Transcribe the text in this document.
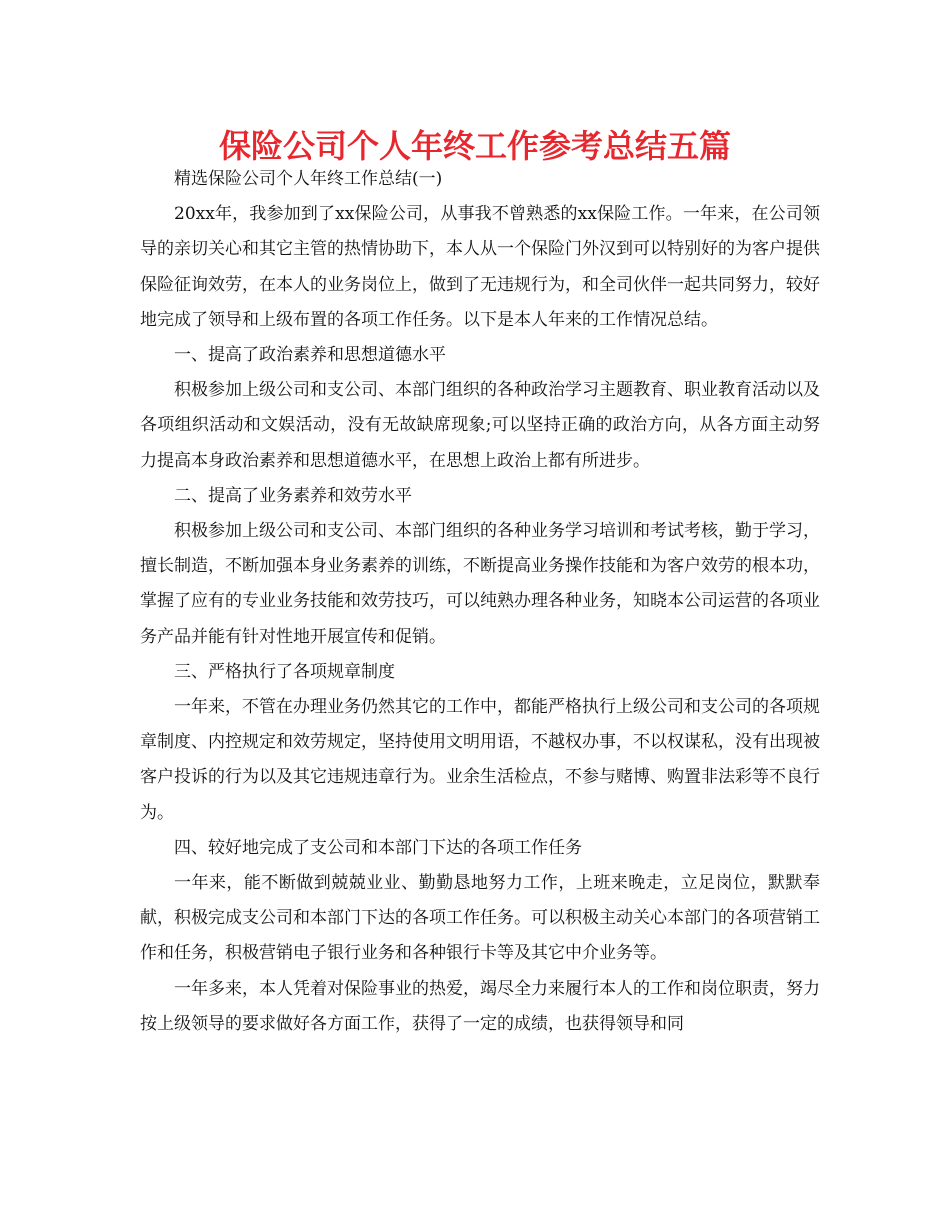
保险公司个人年终工作参考总结五篇

精选保险公司个人年终工作总结(一)

20xx年，我参加到了xx保险公司，从事我不曾熟悉的xx保险工作。一年来，在公司领导的亲切关心和其它主管的热情协助下，本人从一个保险门外汉到可以特别好的为客户提供保险征询效劳，在本人的业务岗位上，做到了无违规行为，和全司伙伴一起共同努力，较好地完成了领导和上级布置的各项工作任务。以下是本人年来的工作情况总结。

一、提高了政治素养和思想道德水平

积极参加上级公司和支公司、本部门组织的各种政治学习主题教育、职业教育活动以及各项组织活动和文娱活动，没有无故缺席现象;可以坚持正确的政治方向，从各方面主动努力提高本身政治素养和思想道德水平，在思想上政治上都有所进步。

二、提高了业务素养和效劳水平

积极参加上级公司和支公司、本部门组织的各种业务学习培训和考试考核，勤于学习，擅长制造，不断加强本身业务素养的训练，不断提高业务操作技能和为客户效劳的根本功，掌握了应有的专业业务技能和效劳技巧，可以纯熟办理各种业务，知晓本公司运营的各项业务产品并能有针对性地开展宣传和促销。

三、严格执行了各项规章制度

一年来，不管在办理业务仍然其它的工作中，都能严格执行上级公司和支公司的各项规章制度、内控规定和效劳规定，坚持使用文明用语，不越权办事，不以权谋私，没有出现被客户投诉的行为以及其它违规违章行为。业余生活检点，不参与赌博、购置非法彩等不良行为。

四、较好地完成了支公司和本部门下达的各项工作任务

一年来，能不断做到兢兢业业、勤勤恳地努力工作，上班来晚走，立足岗位，默默奉献，积极完成支公司和本部门下达的各项工作任务。可以积极主动关心本部门的各项营销工作和任务，积极营销电子银行业务和各种银行卡等及其它中介业务等。

一年多来，本人凭着对保险事业的热爱，竭尽全力来履行本人的工作和岗位职责，努力按上级领导的要求做好各方面工作，获得了一定的成绩，也获得领导和同
